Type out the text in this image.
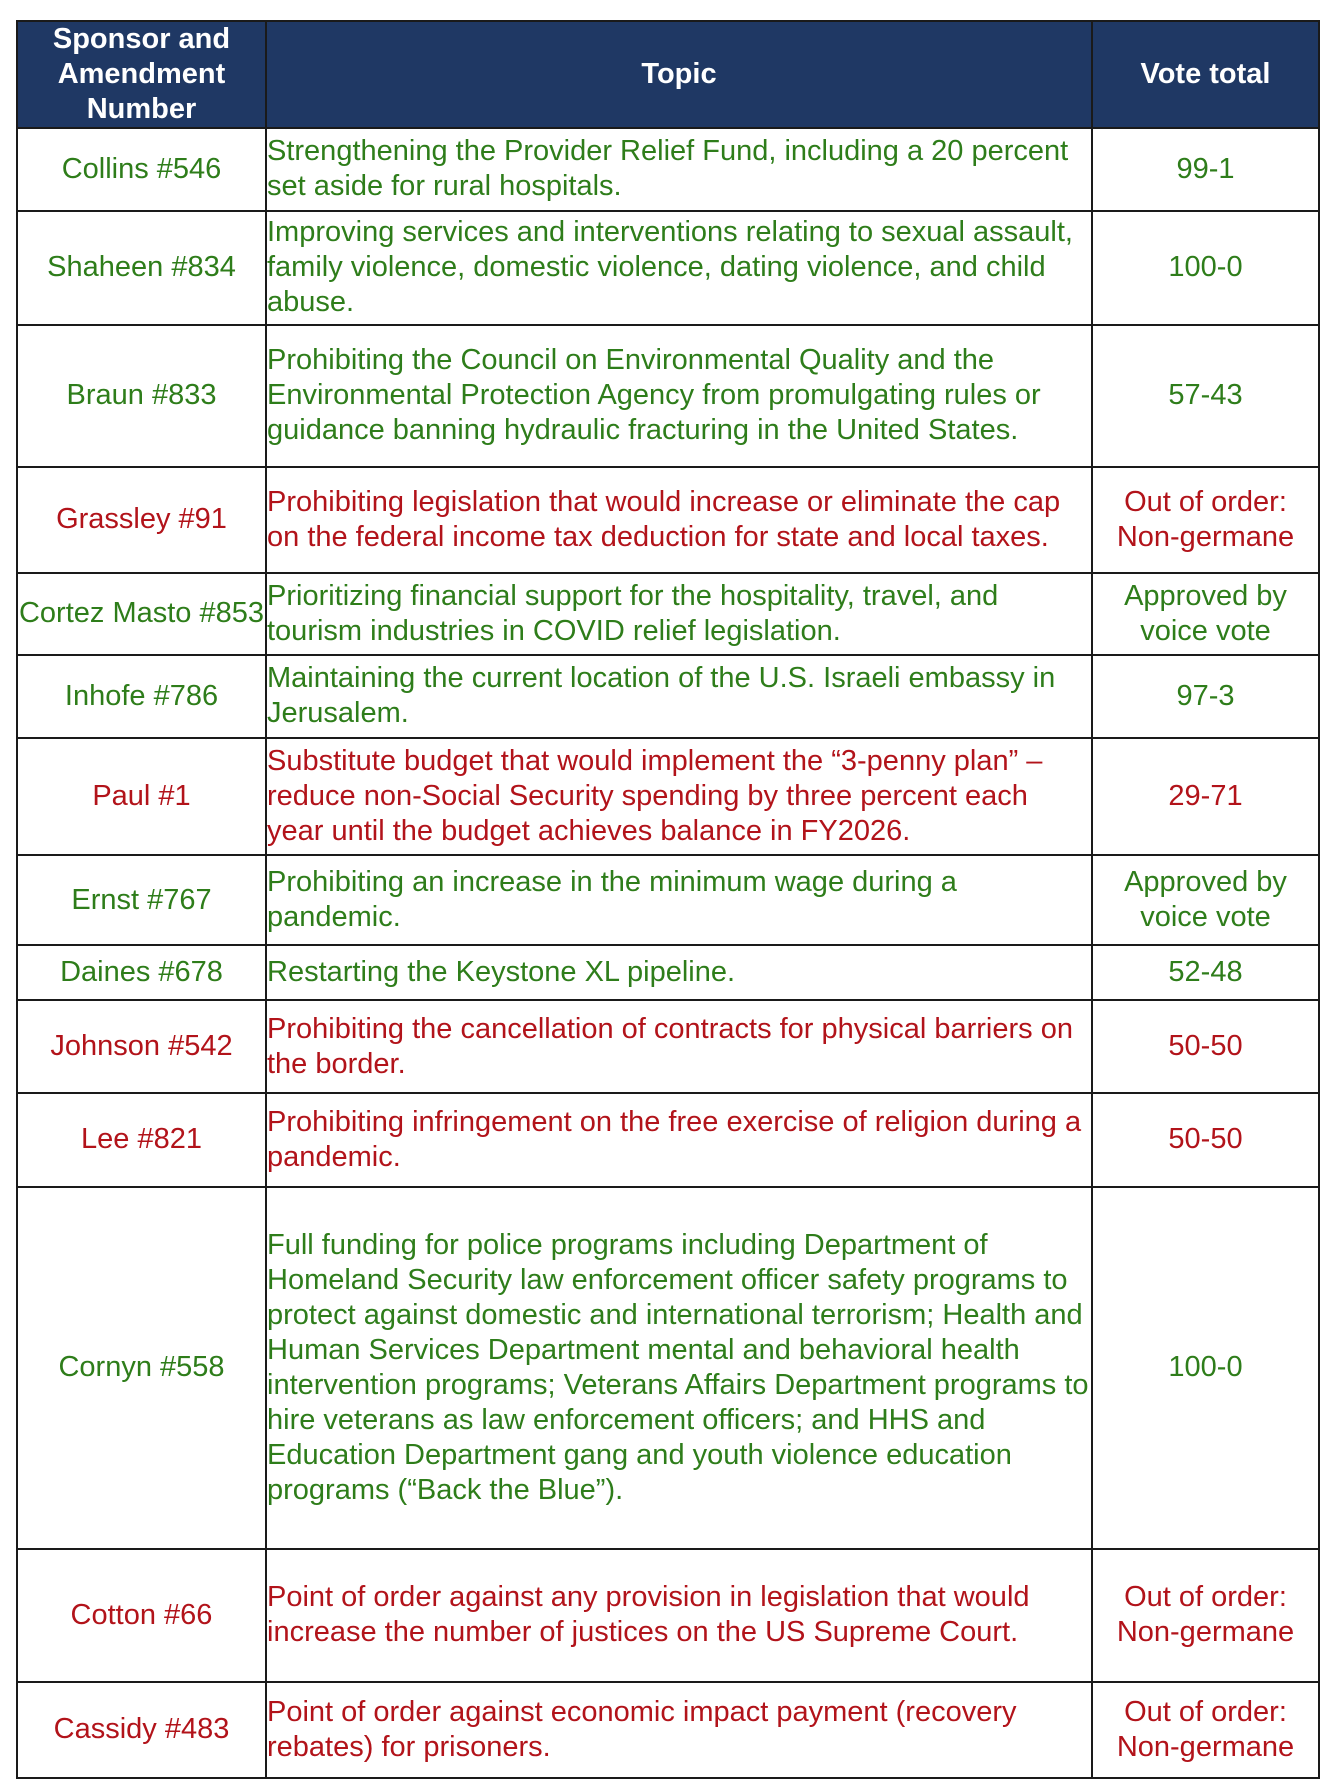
Sponsor and Amendment Number	Topic	Vote total
Collins #546	Strengthening the Provider Relief Fund, including a 20 percent set aside for rural hospitals.	99-1
Shaheen #834	Improving services and interventions relating to sexual assault, family violence, domestic violence, dating violence, and child abuse.	100-0
Braun #833	Prohibiting the Council on Environmental Quality and the Environmental Protection Agency from promulgating rules or guidance banning hydraulic fracturing in the United States.	57-43
Grassley #91	Prohibiting legislation that would increase or eliminate the cap on the federal income tax deduction for state and local taxes.	Out of order: Non-germane
Cortez Masto #853	Prioritizing financial support for the hospitality, travel, and tourism industries in COVID relief legislation.	Approved by voice vote
Inhofe #786	Maintaining the current location of the U.S. Israeli embassy in Jerusalem.	97-3
Paul #1	Substitute budget that would implement the “3-penny plan” – reduce non-Social Security spending by three percent each year until the budget achieves balance in FY2026.	29-71
Ernst #767	Prohibiting an increase in the minimum wage during a pandemic.	Approved by voice vote
Daines #678	Restarting the Keystone XL pipeline.	52-48
Johnson #542	Prohibiting the cancellation of contracts for physical barriers on the border.	50-50
Lee #821	Prohibiting infringement on the free exercise of religion during a pandemic.	50-50
Cornyn #558	Full funding for police programs including Department of Homeland Security law enforcement officer safety programs to protect against domestic and international terrorism; Health and Human Services Department mental and behavioral health intervention programs; Veterans Affairs Department programs to hire veterans as law enforcement officers; and HHS and Education Department gang and youth violence education programs (“Back the Blue”).	100-0
Cotton #66	Point of order against any provision in legislation that would increase the number of justices on the US Supreme Court.	Out of order: Non-germane
Cassidy #483	Point of order against economic impact payment (recovery rebates) for prisoners.	Out of order: Non-germane
